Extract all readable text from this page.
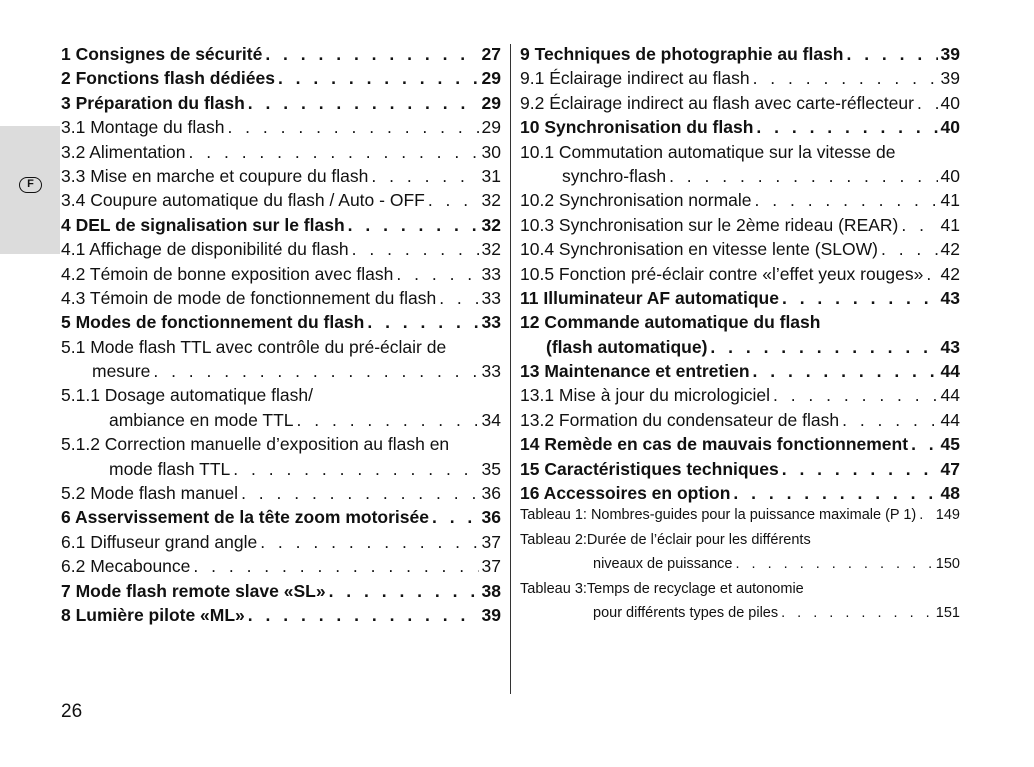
F
1 Consignes de sécurité . . .	27
2 Fonctions flash dédiées . . .	29
3 Préparation du flash . . .	29
3.1 Montage du flash . . .	29
3.2 Alimentation . . .	30
3.3 Mise en marche et coupure du flash . . .	31
3.4 Coupure automatique du flash / Auto - OFF . . .	32
4 DEL de signalisation sur le flash . . .	32
4.1 Affichage de disponibilité du flash . . .	32
4.2 Témoin de bonne exposition avec flash . . .	33
4.3 Témoin de mode de fonctionnement du flash . . .	33
5 Modes de fonctionnement du flash . . .	33
5.1 Mode flash TTL avec contrôle du pré-éclair de
mesure . . .	33
5.1.1 Dosage automatique flash/
ambiance en mode TTL . . .	34
5.1.2 Correction manuelle d’exposition au flash en
mode flash TTL . . .	35
5.2 Mode flash manuel . . .	36
6 Asservissement de la tête zoom motorisée . . .	36
6.1 Diffuseur grand angle . . .	37
6.2 Mecabounce . . .	37
7 Mode flash remote slave «SL» . . .	38
8 Lumière pilote «ML» . . .	39
9 Techniques de photographie au flash . . .	39
9.1 Éclairage indirect au flash . . .	39
9.2 Éclairage indirect au flash avec carte-réflecteur . . . 40
10 Synchronisation du flash . . .	40
10.1 Commutation automatique sur la vitesse de
synchro-flash . . .	40
10.2 Synchronisation normale . . .	41
10.3 Synchronisation sur le 2ème rideau (REAR) . . . 41
10.4 Synchronisation en vitesse lente (SLOW) . . .	42
10.5 Fonction pré-éclair contre «l’effet yeux rouges» . . . 42
11 Illuminateur AF automatique . . .	43
12 Commande automatique du flash
(flash automatique) . . .	43
13 Maintenance et entretien . . .	44
13.1 Mise à jour du micrologiciel . . .	44
13.2 Formation du condensateur de flash . . .	44
14 Remède en cas de mauvais fonctionnement . . . 45
15 Caractéristiques techniques . . .	47
16 Accessoires en option . . .	48
Tableau 1: Nombres-guides pour la puissance maximale (P 1) . . . 149
Tableau 2:Durée de l’éclair pour les différents
niveaux de puissance . . .	150
Tableau 3:Temps de recyclage et autonomie
pour différents types de piles . . .	151
26
